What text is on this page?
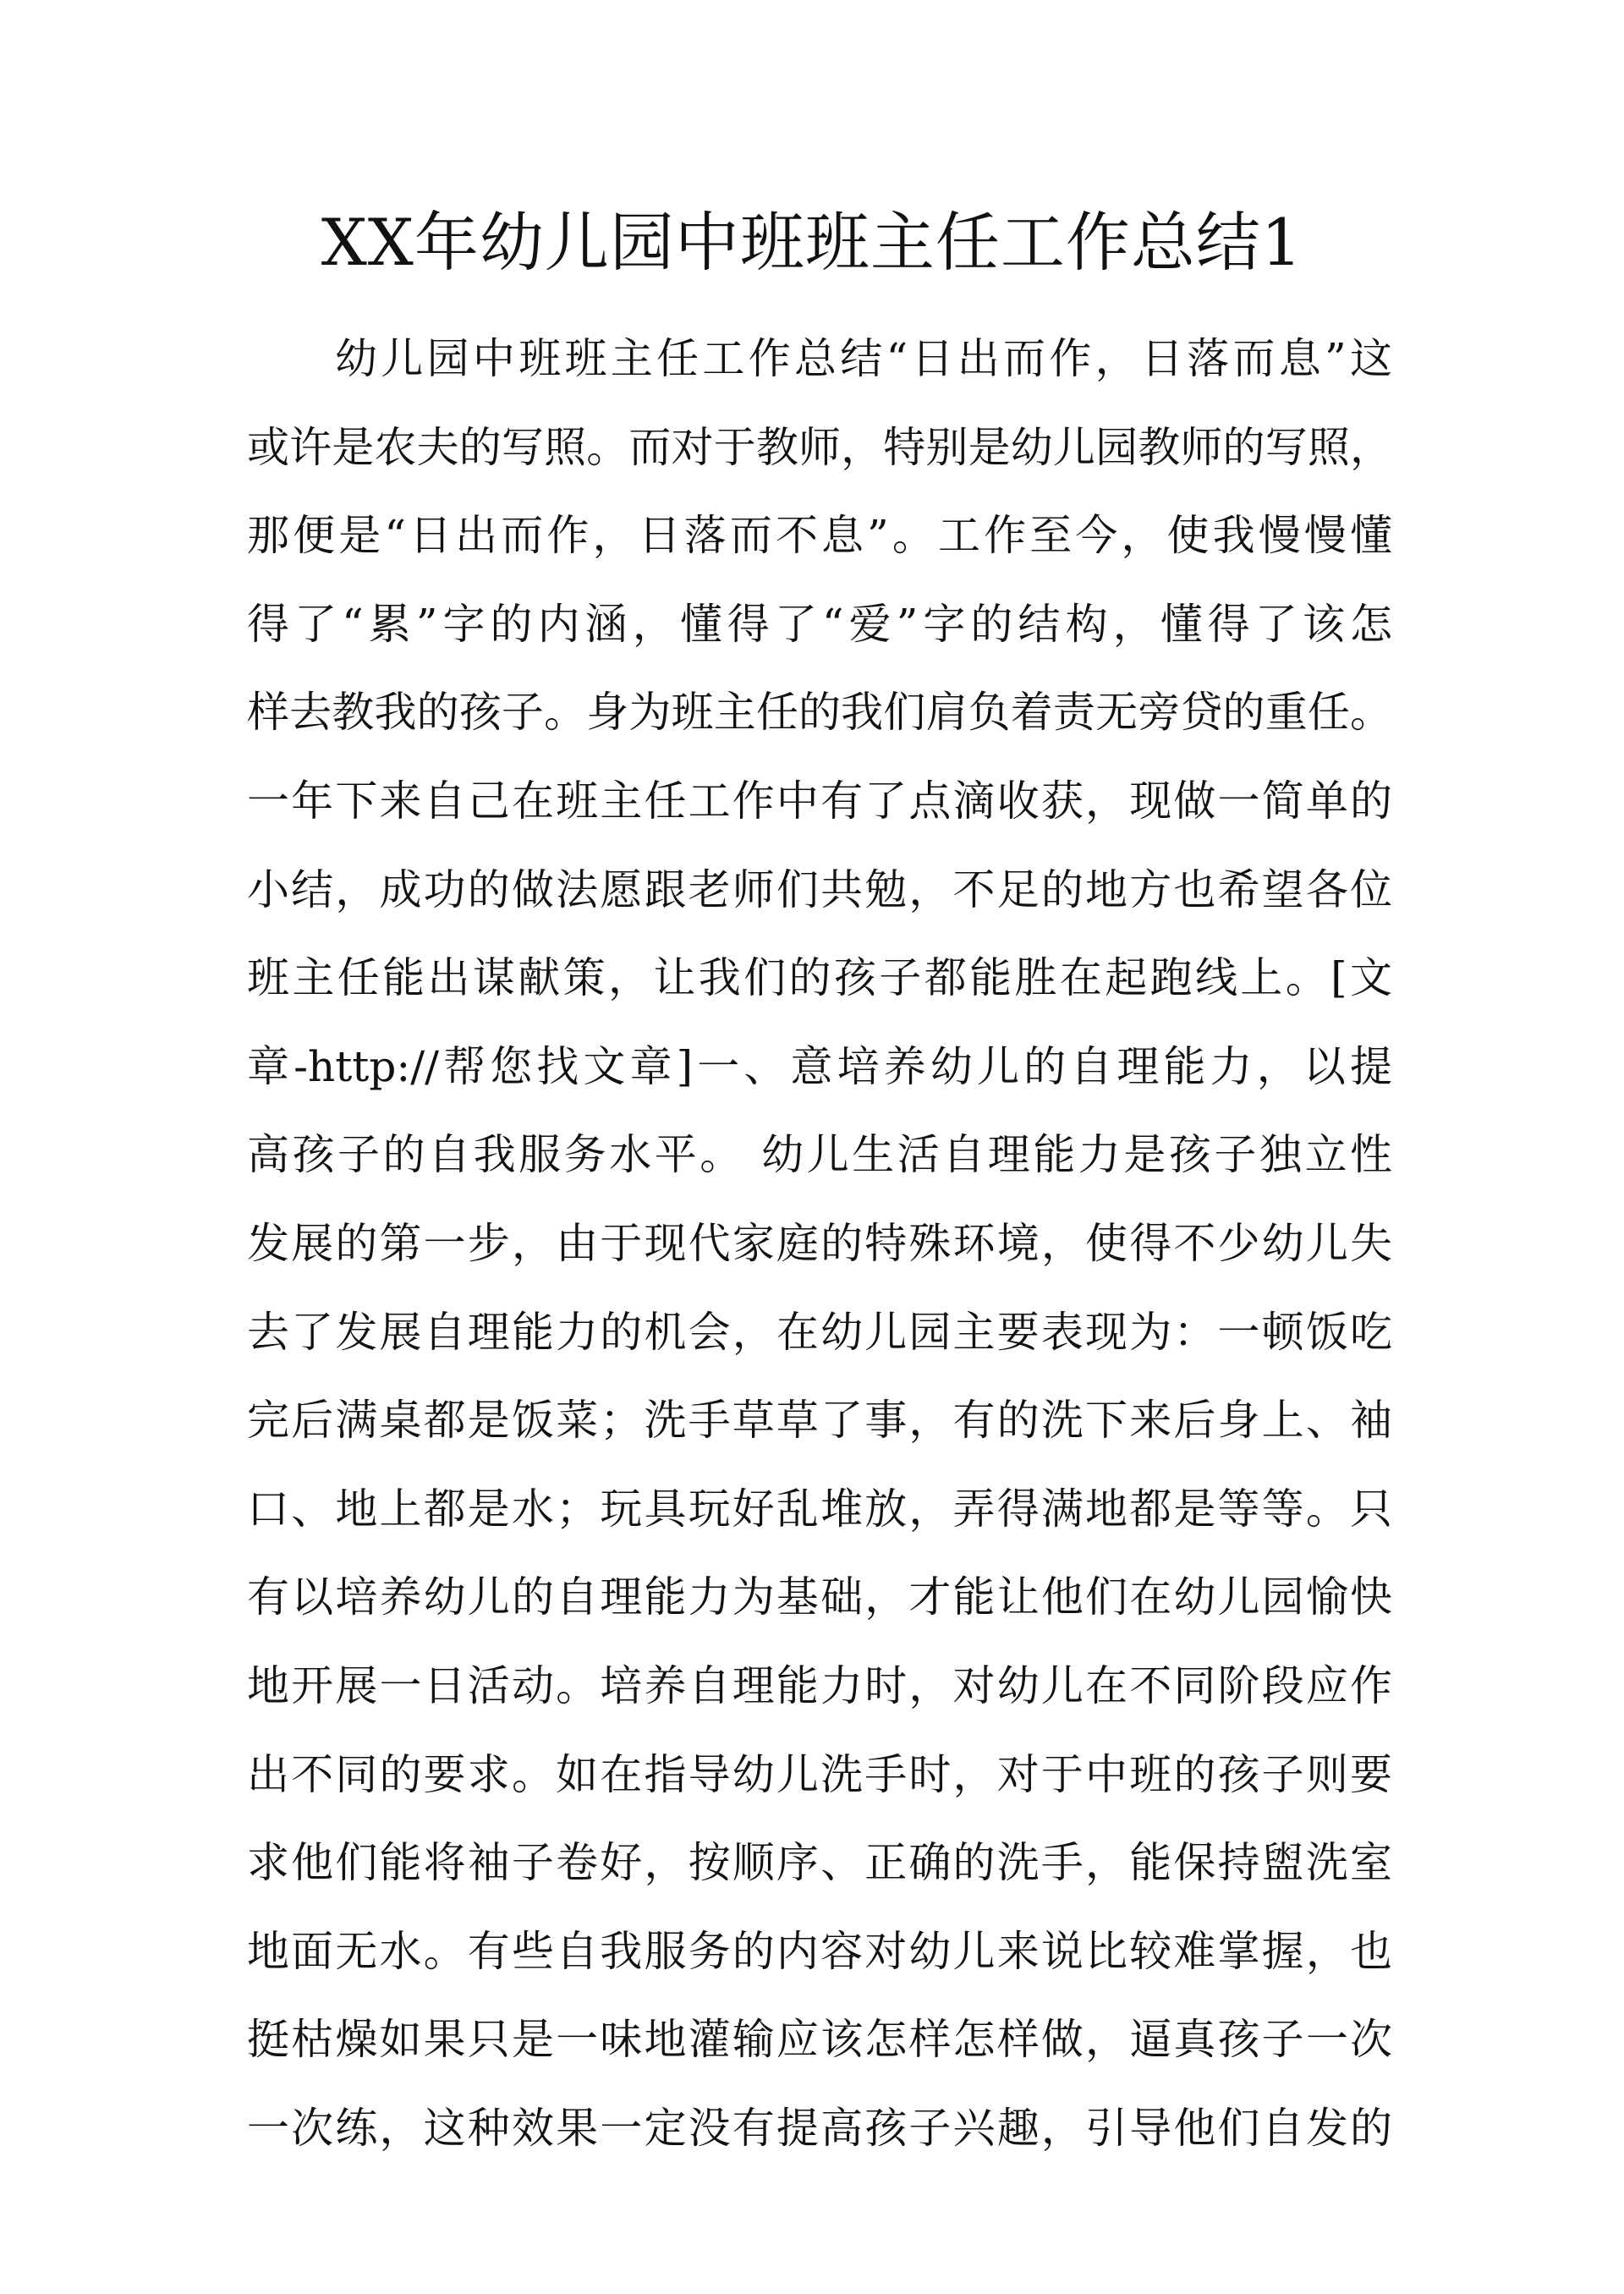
XX年幼儿园中班班主任工作总结1
幼儿园中班班主任工作总结“日出而作，日落而息”这
或许是农夫的写照。而对于教师，特别是幼儿园教师的写照，
那便是“日出而作，日落而不息”。工作至今，使我慢慢懂
得了“累”字的内涵，懂得了“爱”字的结构，懂得了该怎
样去教我的孩子。身为班主任的我们肩负着责无旁贷的重任。
一年下来自己在班主任工作中有了点滴收获，现做一简单的
小结，成功的做法愿跟老师们共勉，不足的地方也希望各位
班主任能出谋献策，让我们的孩子都能胜在起跑线上。[文
章-http://帮您找文章]一、意培养幼儿的自理能力，以提
高孩子的自我服务水平。 幼儿生活自理能力是孩子独立性
发展的第一步，由于现代家庭的特殊环境，使得不少幼儿失
去了发展自理能力的机会，在幼儿园主要表现为：一顿饭吃
完后满桌都是饭菜；洗手草草了事，有的洗下来后身上、袖
口、地上都是水；玩具玩好乱堆放，弄得满地都是等等。只
有以培养幼儿的自理能力为基础，才能让他们在幼儿园愉快
地开展一日活动。培养自理能力时，对幼儿在不同阶段应作
出不同的要求。如在指导幼儿洗手时，对于中班的孩子则要
求他们能将袖子卷好，按顺序、正确的洗手，能保持盥洗室
地面无水。有些自我服务的内容对幼儿来说比较难掌握，也
挺枯燥如果只是一味地灌输应该怎样怎样做，逼真孩子一次
一次练，这种效果一定没有提高孩子兴趣，引导他们自发的
